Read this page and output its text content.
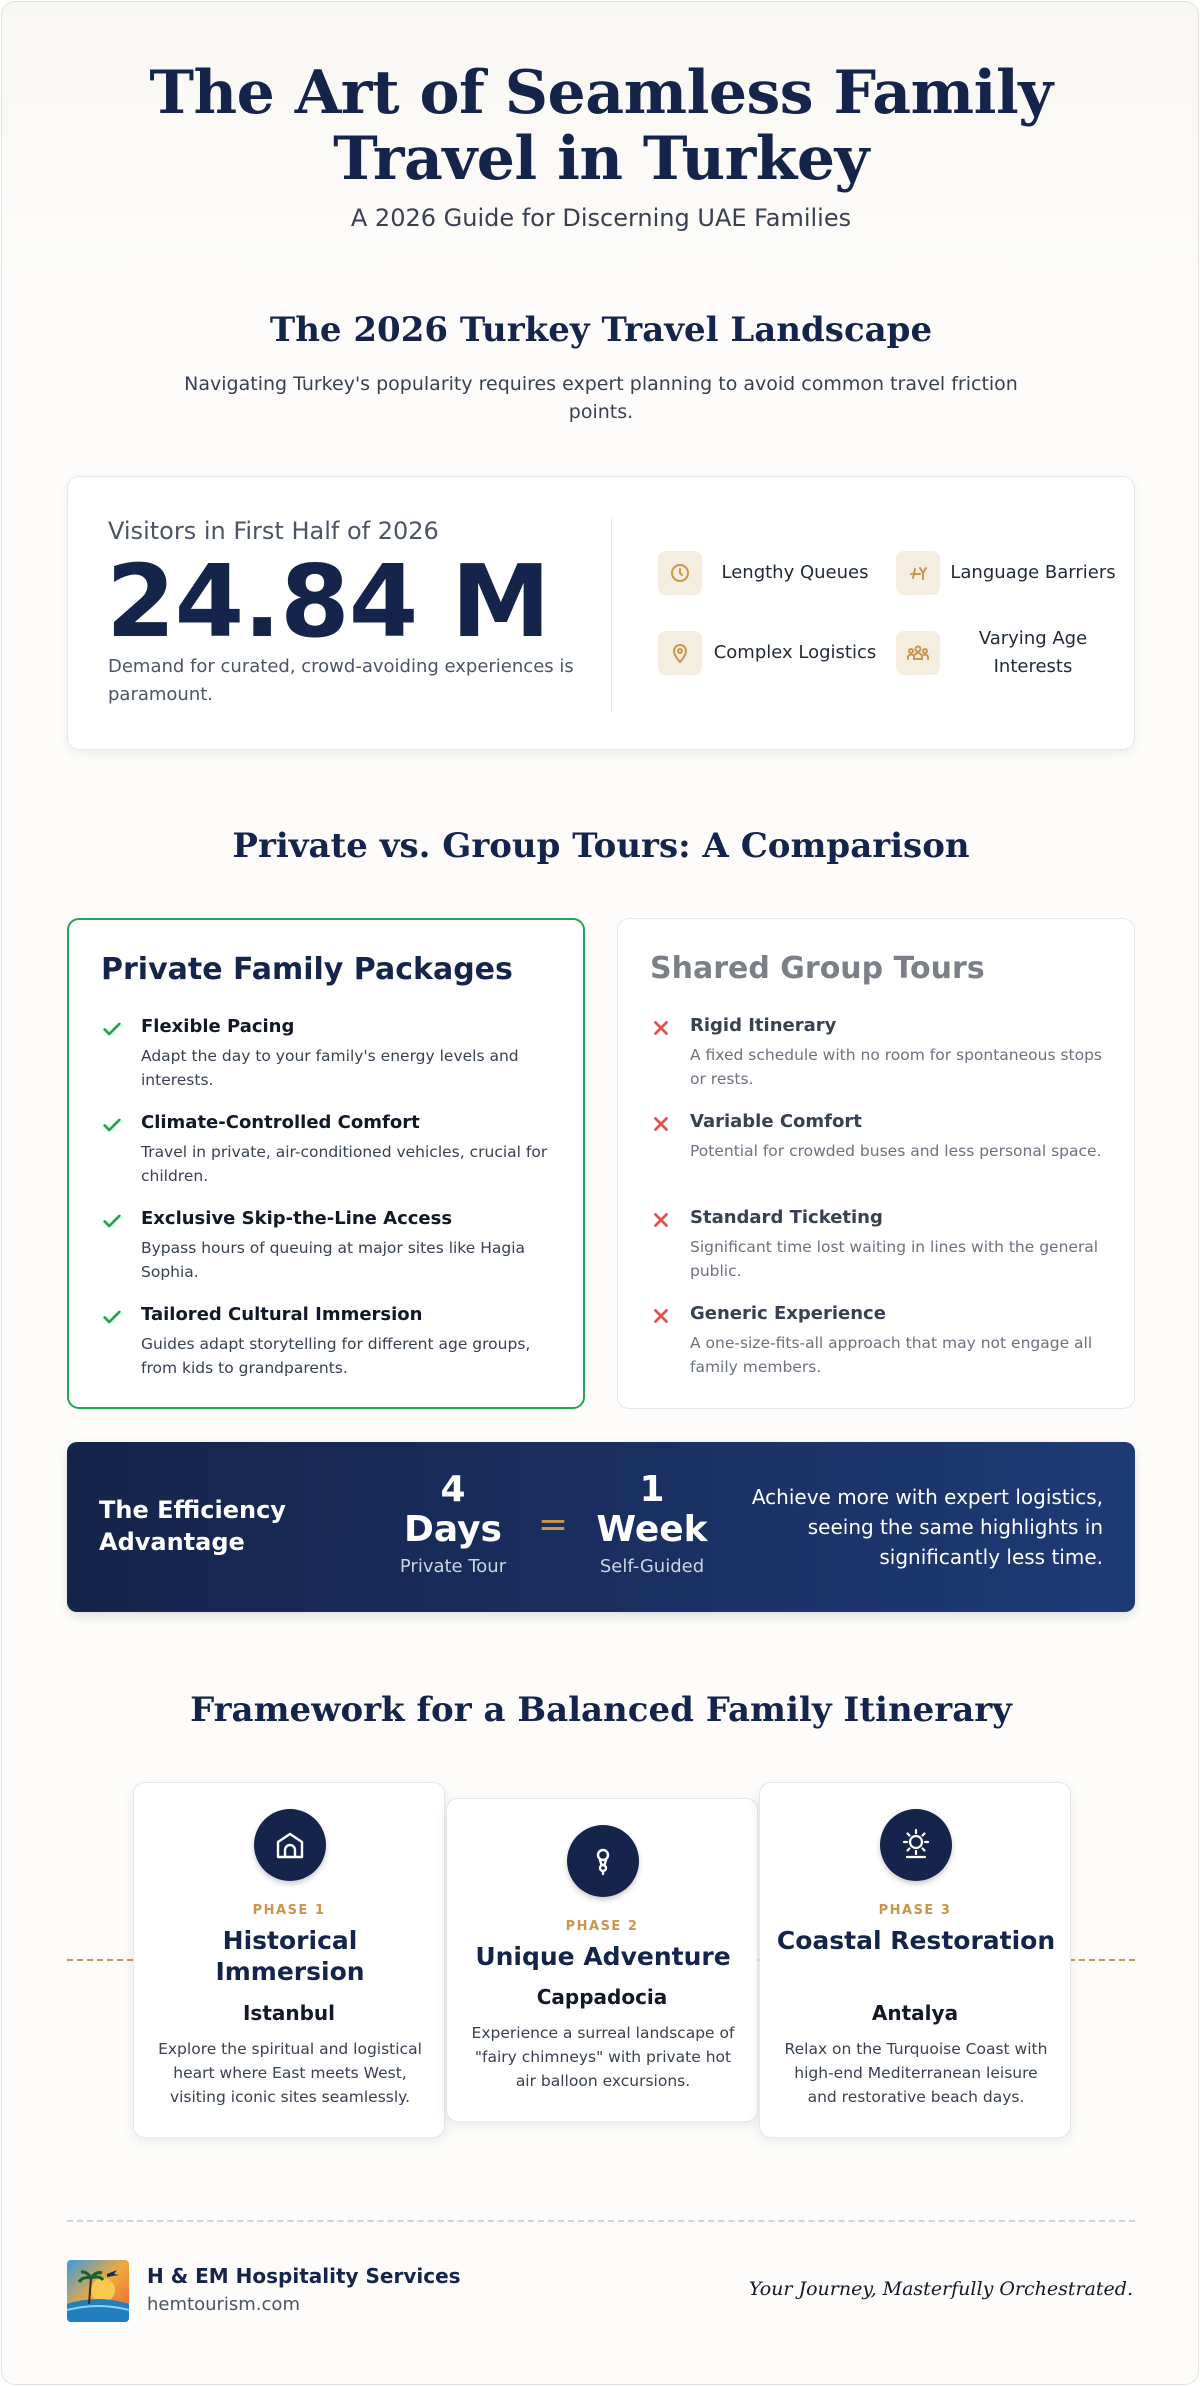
The Art of Seamless Family Travel in Turkey
A 2026 Guide for Discerning UAE Families
The 2026 Turkey Travel Landscape
Navigating Turkey's popularity requires expert planning to avoid common travel friction points.
Visitors in First Half of 2026
24.84 M
Demand for curated, crowd-avoiding experiences is paramount.
Lengthy Queues	Language Barriers
Complex Logistics
Varying Age Interests
Private vs. Group Tours: A Comparison
Private Family Packages
Flexible Pacing
Adapt the day to your family's energy levels and interests.
Climate-Controlled Comfort
Travel in private, air-conditioned vehicles, crucial for children.
Exclusive Skip-the-Line Access
Bypass hours of queuing at major sites like Hagia Sophia.
Tailored Cultural Immersion
Guides adapt storytelling for different age groups, from kids to grandparents.
Shared Group Tours
Rigid Itinerary
A fixed schedule with no room for spontaneous stops or rests.
Variable Comfort
Potential for crowded buses and less personal space.
Standard Ticketing
Significant time lost waiting in lines with the general public.
Generic Experience
A one-size-fits-all approach that may not engage all family members.
The Efficiency Advantage
4
Days
Private Tour
=
1
Week
Self-Guided
Achieve more with expert logistics, seeing the same highlights in significantly less time.
Framework for a Balanced Family Itinerary
PHASE 1
Historical Immersion
Istanbul
Explore the spiritual and logistical heart where East meets West, visiting iconic sites seamlessly.
PHASE 2
Unique Adventure
Cappadocia
Experience a surreal landscape of "fairy chimneys" with private hot air balloon excursions.
PHASE 3
Coastal Restoration
Antalya
Relax on the Turquoise Coast with high-end Mediterranean leisure and restorative beach days.
H & EM Hospitality Services
hemtourism.com
Your Journey, Masterfully Orchestrated.
